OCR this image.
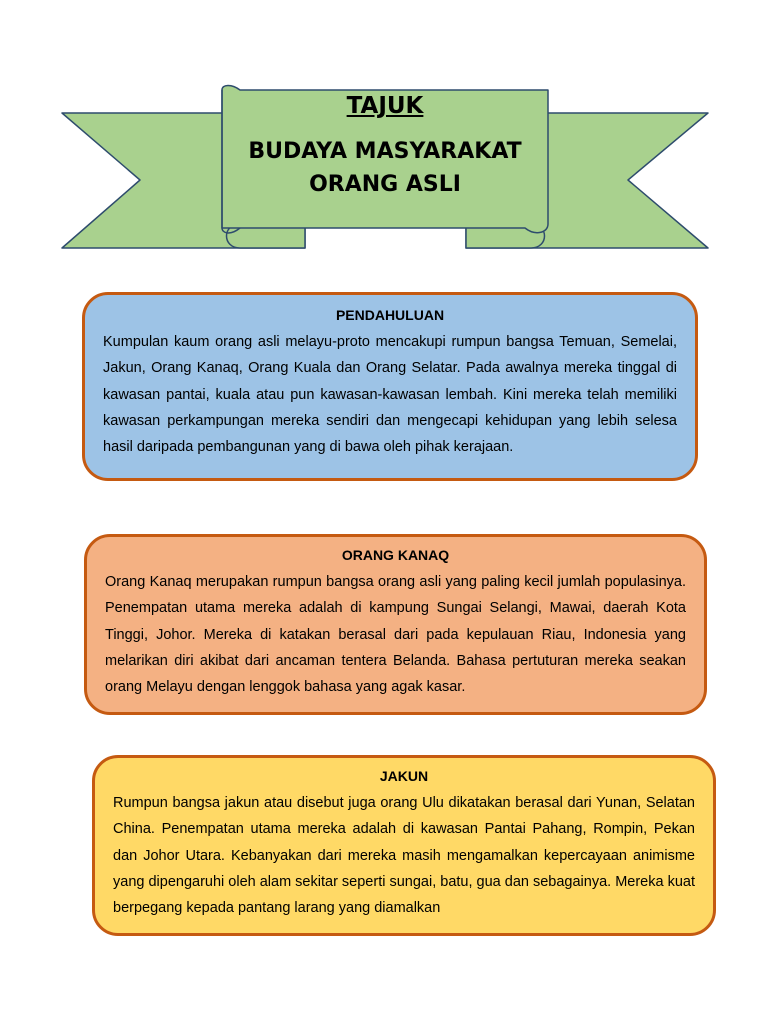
TAJUK
BUDAYA MASYARAKAT
ORANG ASLI
PENDAHULUAN

Kumpulan kaum orang asli melayu-proto mencakupi rumpun bangsa Temuan, Semelai, Jakun, Orang Kanaq, Orang Kuala dan Orang Selatar. Pada awalnya mereka tinggal di kawasan pantai, kuala atau pun kawasan-kawasan lembah. Kini mereka telah memiliki kawasan perkampungan mereka sendiri dan mengecapi kehidupan yang lebih selesa hasil daripada pembangunan yang di bawa oleh pihak kerajaan.

ORANG KANAQ

Orang Kanaq merupakan rumpun bangsa orang asli yang paling kecil jumlah populasinya. Penempatan utama mereka adalah di kampung Sungai Selangi, Mawai, daerah Kota Tinggi, Johor. Mereka di katakan berasal dari pada kepulauan Riau, Indonesia yang melarikan diri akibat dari ancaman tentera Belanda. Bahasa pertuturan mereka seakan orang Melayu dengan lenggok bahasa yang agak kasar.

JAKUN

Rumpun bangsa jakun atau disebut juga orang Ulu dikatakan berasal dari Yunan, Selatan China. Penempatan utama mereka adalah di kawasan Pantai Pahang, Rompin, Pekan dan Johor Utara. Kebanyakan dari mereka masih mengamalkan kepercayaan animisme yang dipengaruhi oleh alam sekitar seperti sungai, batu, gua dan sebagainya. Mereka kuat berpegang kepada pantang larang yang diamalkan
